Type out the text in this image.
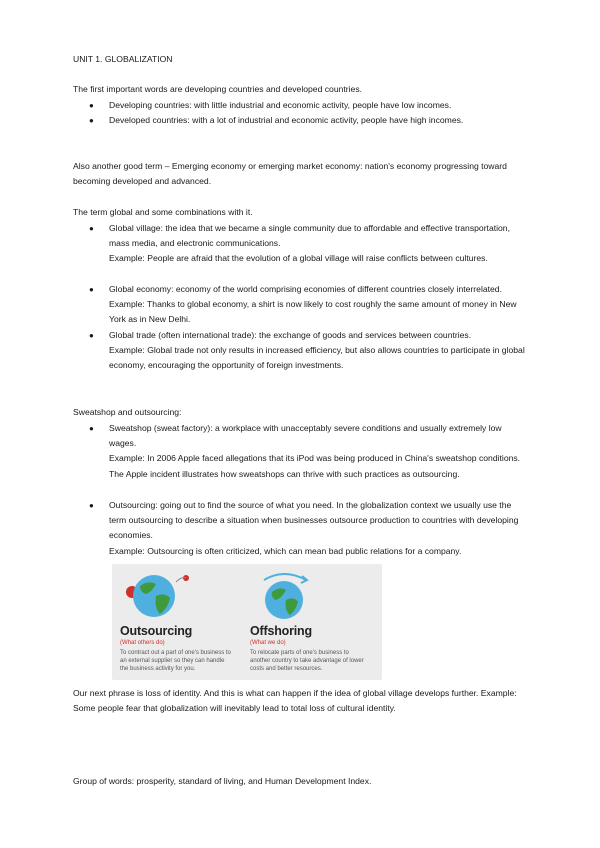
UNIT 1. GLOBALIZATION

The first important words are developing countries and developed countries.

●

Developing countries: with little industrial and economic activity, people have low incomes.

●

Developed countries: with a lot of industrial and economic activity, people have high incomes.

Also another good term – Emerging economy or emerging market economy: nation's economy progressing toward becoming developed and advanced.

The term global and some combinations with it.

●

Global village: the idea that we became a single community due to affordable and effective transportation, mass media, and electronic communications.

Example: People are afraid that the evolution of a global village will raise conflicts between cultures.

●

Global economy: economy of the world comprising economies of different countries closely interrelated. Example: Thanks to global economy, a shirt is now likely to cost roughly the same amount of money in New York as in New Delhi.

●

Global trade (often international trade): the exchange of goods and services between countries.

Example: Global trade not only results in increased efficiency, but also allows countries to participate in global economy, encouraging the opportunity of foreign investments.

Sweatshop and outsourcing:

●

Sweatshop (sweat factory): a workplace with unacceptably severe conditions and usually extremely low wages.

Example: In 2006 Apple faced allegations that its iPod was being produced in China's sweatshop conditions. The Apple incident illustrates how sweatshops can thrive with such practices as outsourcing.

●

Outsourcing: going out to find the source of what you need. In the globalization context we usually use the term outsourcing to describe a situation when businesses outsource production to countries with developing economies.

Example: Outsourcing is often criticized, which can mean bad public relations for a company.

Outsourcing
(What others do)
To contract out a part of one's business to an external supplier so they can handle the business activity for you.
Offshoring
(What we do)
To relocate parts of one's business to another country to take advantage of lower costs and better resources.

Our next phrase is loss of identity. And this is what can happen if the idea of global village develops further. Example: Some people fear that globalization will inevitably lead to total loss of cultural identity.

Group of words: prosperity, standard of living, and Human Development Index.
